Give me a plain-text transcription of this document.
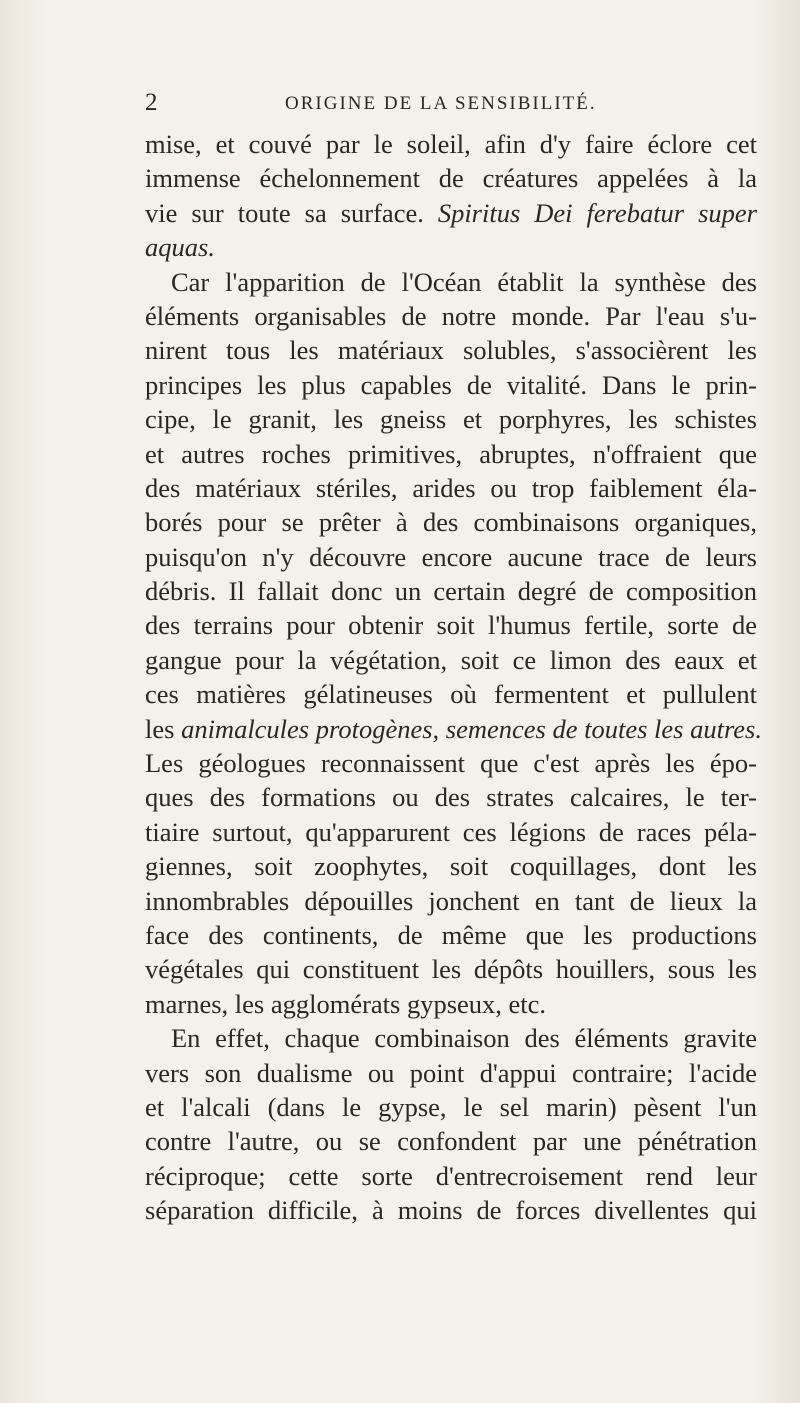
2	ORIGINE DE LA SENSIBILITÉ.
mise, et couvé par le soleil, afin d'y faire éclore cet
immense échelonnement de créatures appelées à la
vie sur toute sa surface. Spiritus Dei ferebatur super
aquas.
Car l'apparition de l'Océan établit la synthèse des
éléments organisables de notre monde. Par l'eau s'u-
nirent tous les matériaux solubles, s'associèrent les
principes les plus capables de vitalité. Dans le prin-
cipe, le granit, les gneiss et porphyres, les schistes
et autres roches primitives, abruptes, n'offraient que
des matériaux stériles, arides ou trop faiblement éla-
borés pour se prêter à des combinaisons organiques,
puisqu'on n'y découvre encore aucune trace de leurs
débris. Il fallait donc un certain degré de composition
des terrains pour obtenir soit l'humus fertile, sorte de
gangue pour la végétation, soit ce limon des eaux et
ces matières gélatineuses où fermentent et pullulent
les animalcules protogènes, semences de toutes les autres.
Les géologues reconnaissent que c'est après les épo-
ques des formations ou des strates calcaires, le ter-
tiaire surtout, qu'apparurent ces légions de races péla-
giennes, soit zoophytes, soit coquillages, dont les
innombrables dépouilles jonchent en tant de lieux la
face des continents, de même que les productions
végétales qui constituent les dépôts houillers, sous les
marnes, les agglomérats gypseux, etc.
En effet, chaque combinaison des éléments gravite
vers son dualisme ou point d'appui contraire; l'acide
et l'alcali (dans le gypse, le sel marin) pèsent l'un
contre l'autre, ou se confondent par une pénétration
réciproque; cette sorte d'entrecroisement rend leur
séparation difficile, à moins de forces divellentes qui
